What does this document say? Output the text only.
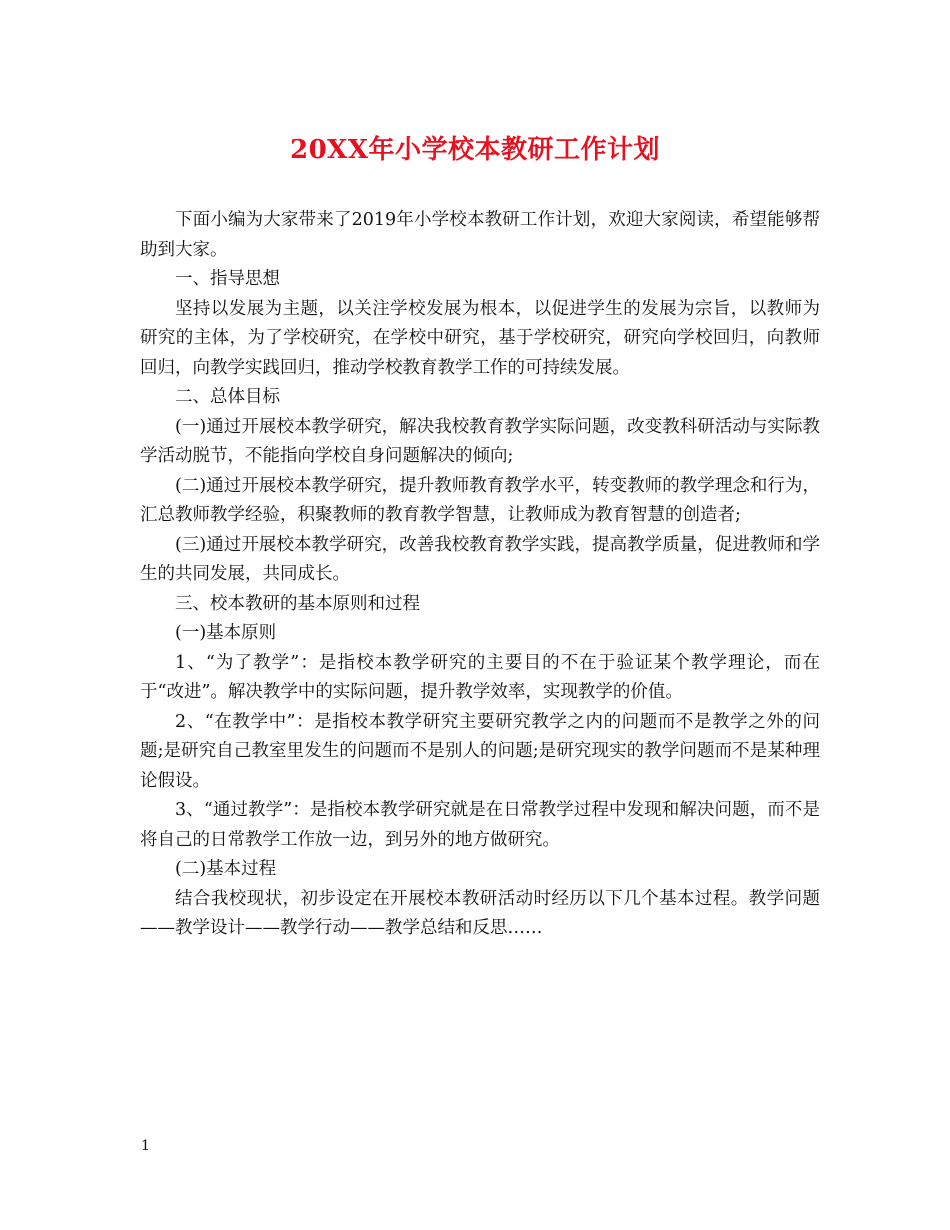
20XX年小学校本教研工作计划

下面小编为大家带来了2019年小学校本教研工作计划，欢迎大家阅读，希望能够帮助到大家。

一、指导思想

坚持以发展为主题，以关注学校发展为根本，以促进学生的发展为宗旨，以教师为研究的主体，为了学校研究，在学校中研究，基于学校研究，研究向学校回归，向教师回归，向教学实践回归，推动学校教育教学工作的可持续发展。

二、总体目标

(一)通过开展校本教学研究，解决我校教育教学实际问题，改变教科研活动与实际教学活动脱节，不能指向学校自身问题解决的倾向;

(二)通过开展校本教学研究，提升教师教育教学水平，转变教师的教学理念和行为，汇总教师教学经验，积聚教师的教育教学智慧，让教师成为教育智慧的创造者;

(三)通过开展校本教学研究，改善我校教育教学实践，提高教学质量，促进教师和学生的共同发展，共同成长。

三、校本教研的基本原则和过程

(一)基本原则

1、“为了教学”：是指校本教学研究的主要目的不在于验证某个教学理论，而在于“改进”。解决教学中的实际问题，提升教学效率，实现教学的价值。

2、“在教学中”：是指校本教学研究主要研究教学之内的问题而不是教学之外的问题;是研究自己教室里发生的问题而不是别人的问题;是研究现实的教学问题而不是某种理论假设。

3、“通过教学”：是指校本教学研究就是在日常教学过程中发现和解决问题，而不是将自己的日常教学工作放一边，到另外的地方做研究。

(二)基本过程

结合我校现状，初步设定在开展校本教研活动时经历以下几个基本过程。教学问题——教学设计——教学行动——教学总结和反思……

1
